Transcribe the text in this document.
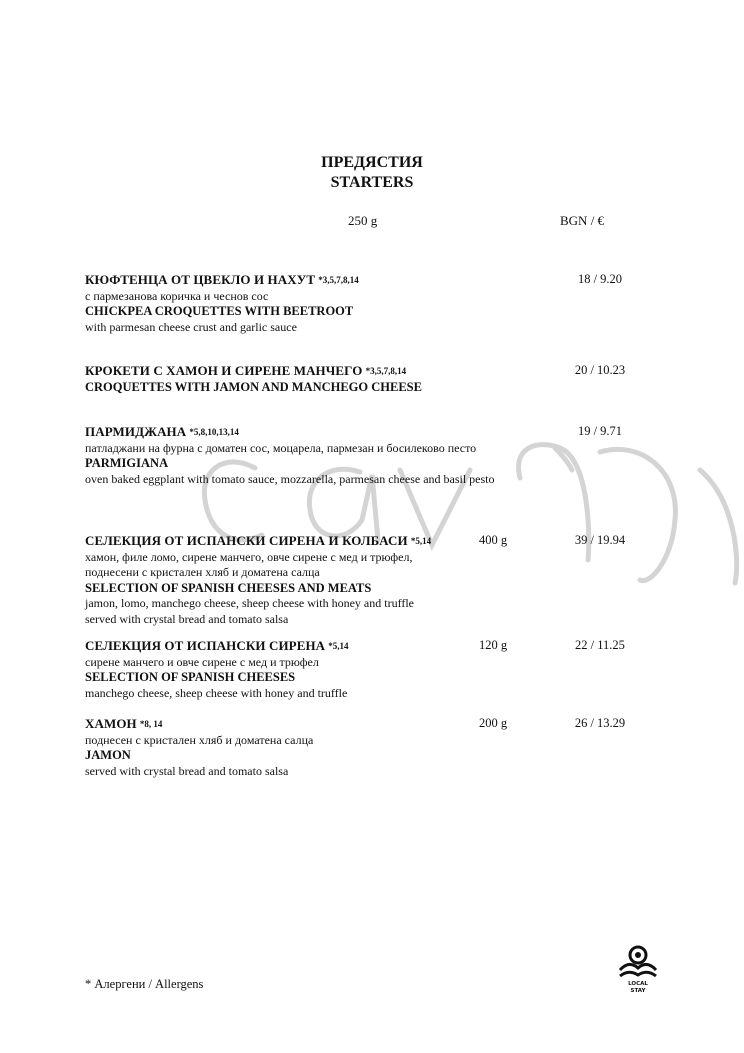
ПРЕДЯСТИЯ
STARTERS
250 g	BGN / €
КЮФТЕНЦА ОТ ЦВЕКЛО И НАХУТ *3,5,7,8,14
с пармезанова коричка и чеснов сос
CHICKPEA CROQUETTES WITH BEETROOT
with parmesan cheese crust and garlic sauce
18 / 9.20
КРОКЕТИ С ХАМОН И СИРЕНЕ МАНЧЕГО *3,5,7,8,14
CROQUETTES WITH JAMON AND MANCHEGO CHEESE
20 / 10.23
ПАРМИДЖАНА *5,8,10,13,14
патладжани на фурна с доматен сос, моцарела, пармезан и босилеково песто
PARMIGIANA
oven baked eggplant with tomato sauce, mozzarella, parmesan cheese and basil pesto
19 / 9.71
СЕЛЕКЦИЯ ОТ ИСПАНСКИ СИРЕНА И КОЛБАСИ *5,14
хамон, филе ломо, сирене манчего, овче сирене с мед и трюфел,
поднесени с кристален хляб и доматена салца
SELECTION OF SPANISH CHEESES AND MEATS
jamon, lomo, manchego cheese, sheep cheese with honey and truffle
served with crystal bread and tomato salsa
400 g	39 / 19.94
СЕЛЕКЦИЯ ОТ ИСПАНСКИ СИРЕНА *5,14
сирене манчего и овче сирене с мед и трюфел
SELECTION OF SPANISH CHEESES
manchego cheese, sheep cheese with honey and truffle
120 g	22 / 11.25
ХАМОН *8, 14
поднесен с кристален хляб и доматена салца
JAMON
served with crystal bread and tomato salsa
200 g	26 / 13.29
* Алергени / Allergens	LOCAL
STAY
